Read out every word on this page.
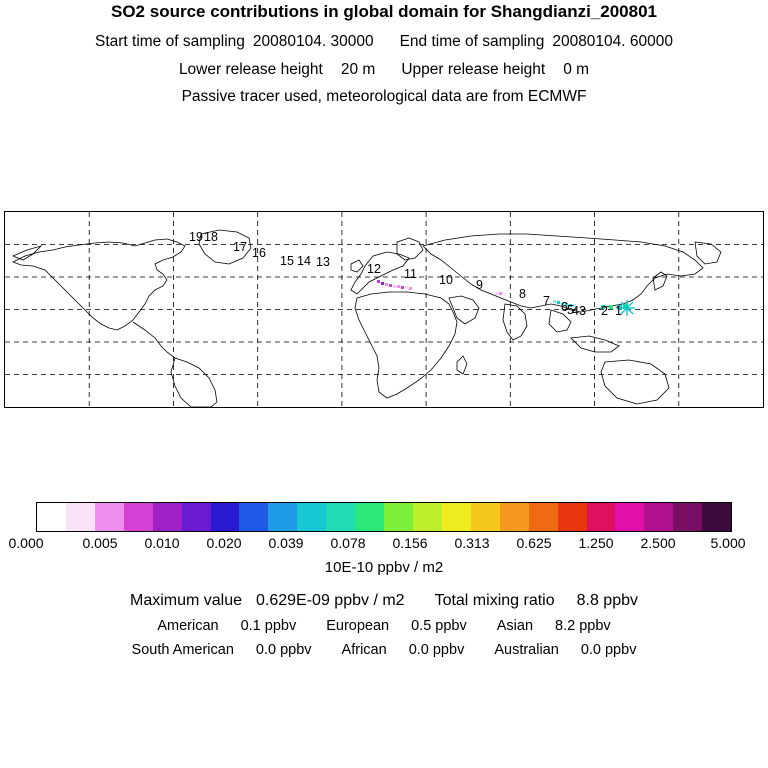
SO2 source contributions in global domain for Shangdianzi_200801
Start time of sampling 20080104. 30000 End time of sampling 20080104. 60000
Lower release height 20 m Upper release height 0 m
Passive tracer used, meteorological data are from ECMWF
19 18
17 16
15 14 13	12 11 10 9
8 7 6 5
4 3 2 1
0.000	0.005 0.010 0.020 0.039 0.078 0.156 0.313 0.625 1.250 2.500 5.000
10E-10 ppbv / m2
Maximum value 0.629E-09 ppbv / m2 Total mixing ratio 8.8 ppbv
American 0.1 ppbv European 0.5 ppbv Asian 8.2 ppbv
South American 0.0 ppbv African 0.0 ppbv Australian 0.0 ppbv
